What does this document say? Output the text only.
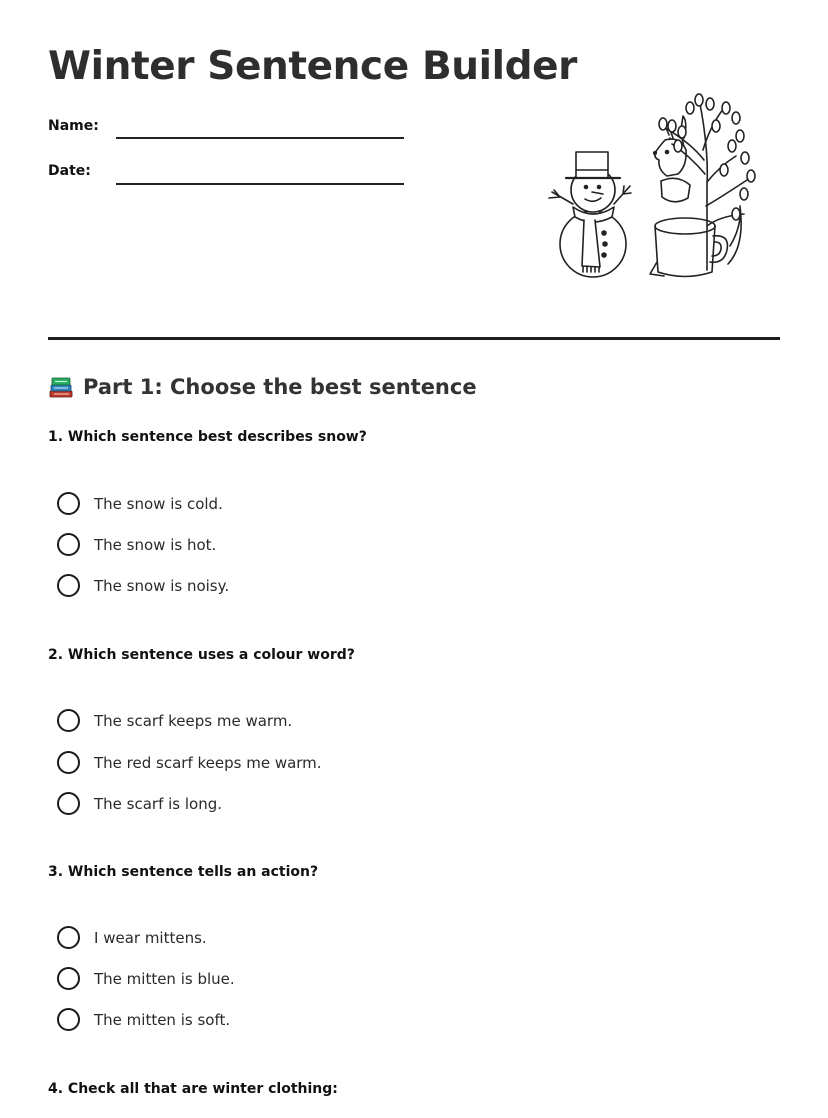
Winter Sentence Builder
Name:
Date:
Part 1: Choose the best sentence

1. Which sentence best describes snow?

The snow is cold.
The snow is hot.
The snow is noisy.

2. Which sentence uses a colour word?

The scarf keeps me warm.
The red scarf keeps me warm.
The scarf is long.

3. Which sentence tells an action?

I wear mittens.
The mitten is blue.
The mitten is soft.

4. Check all that are winter clothing:
